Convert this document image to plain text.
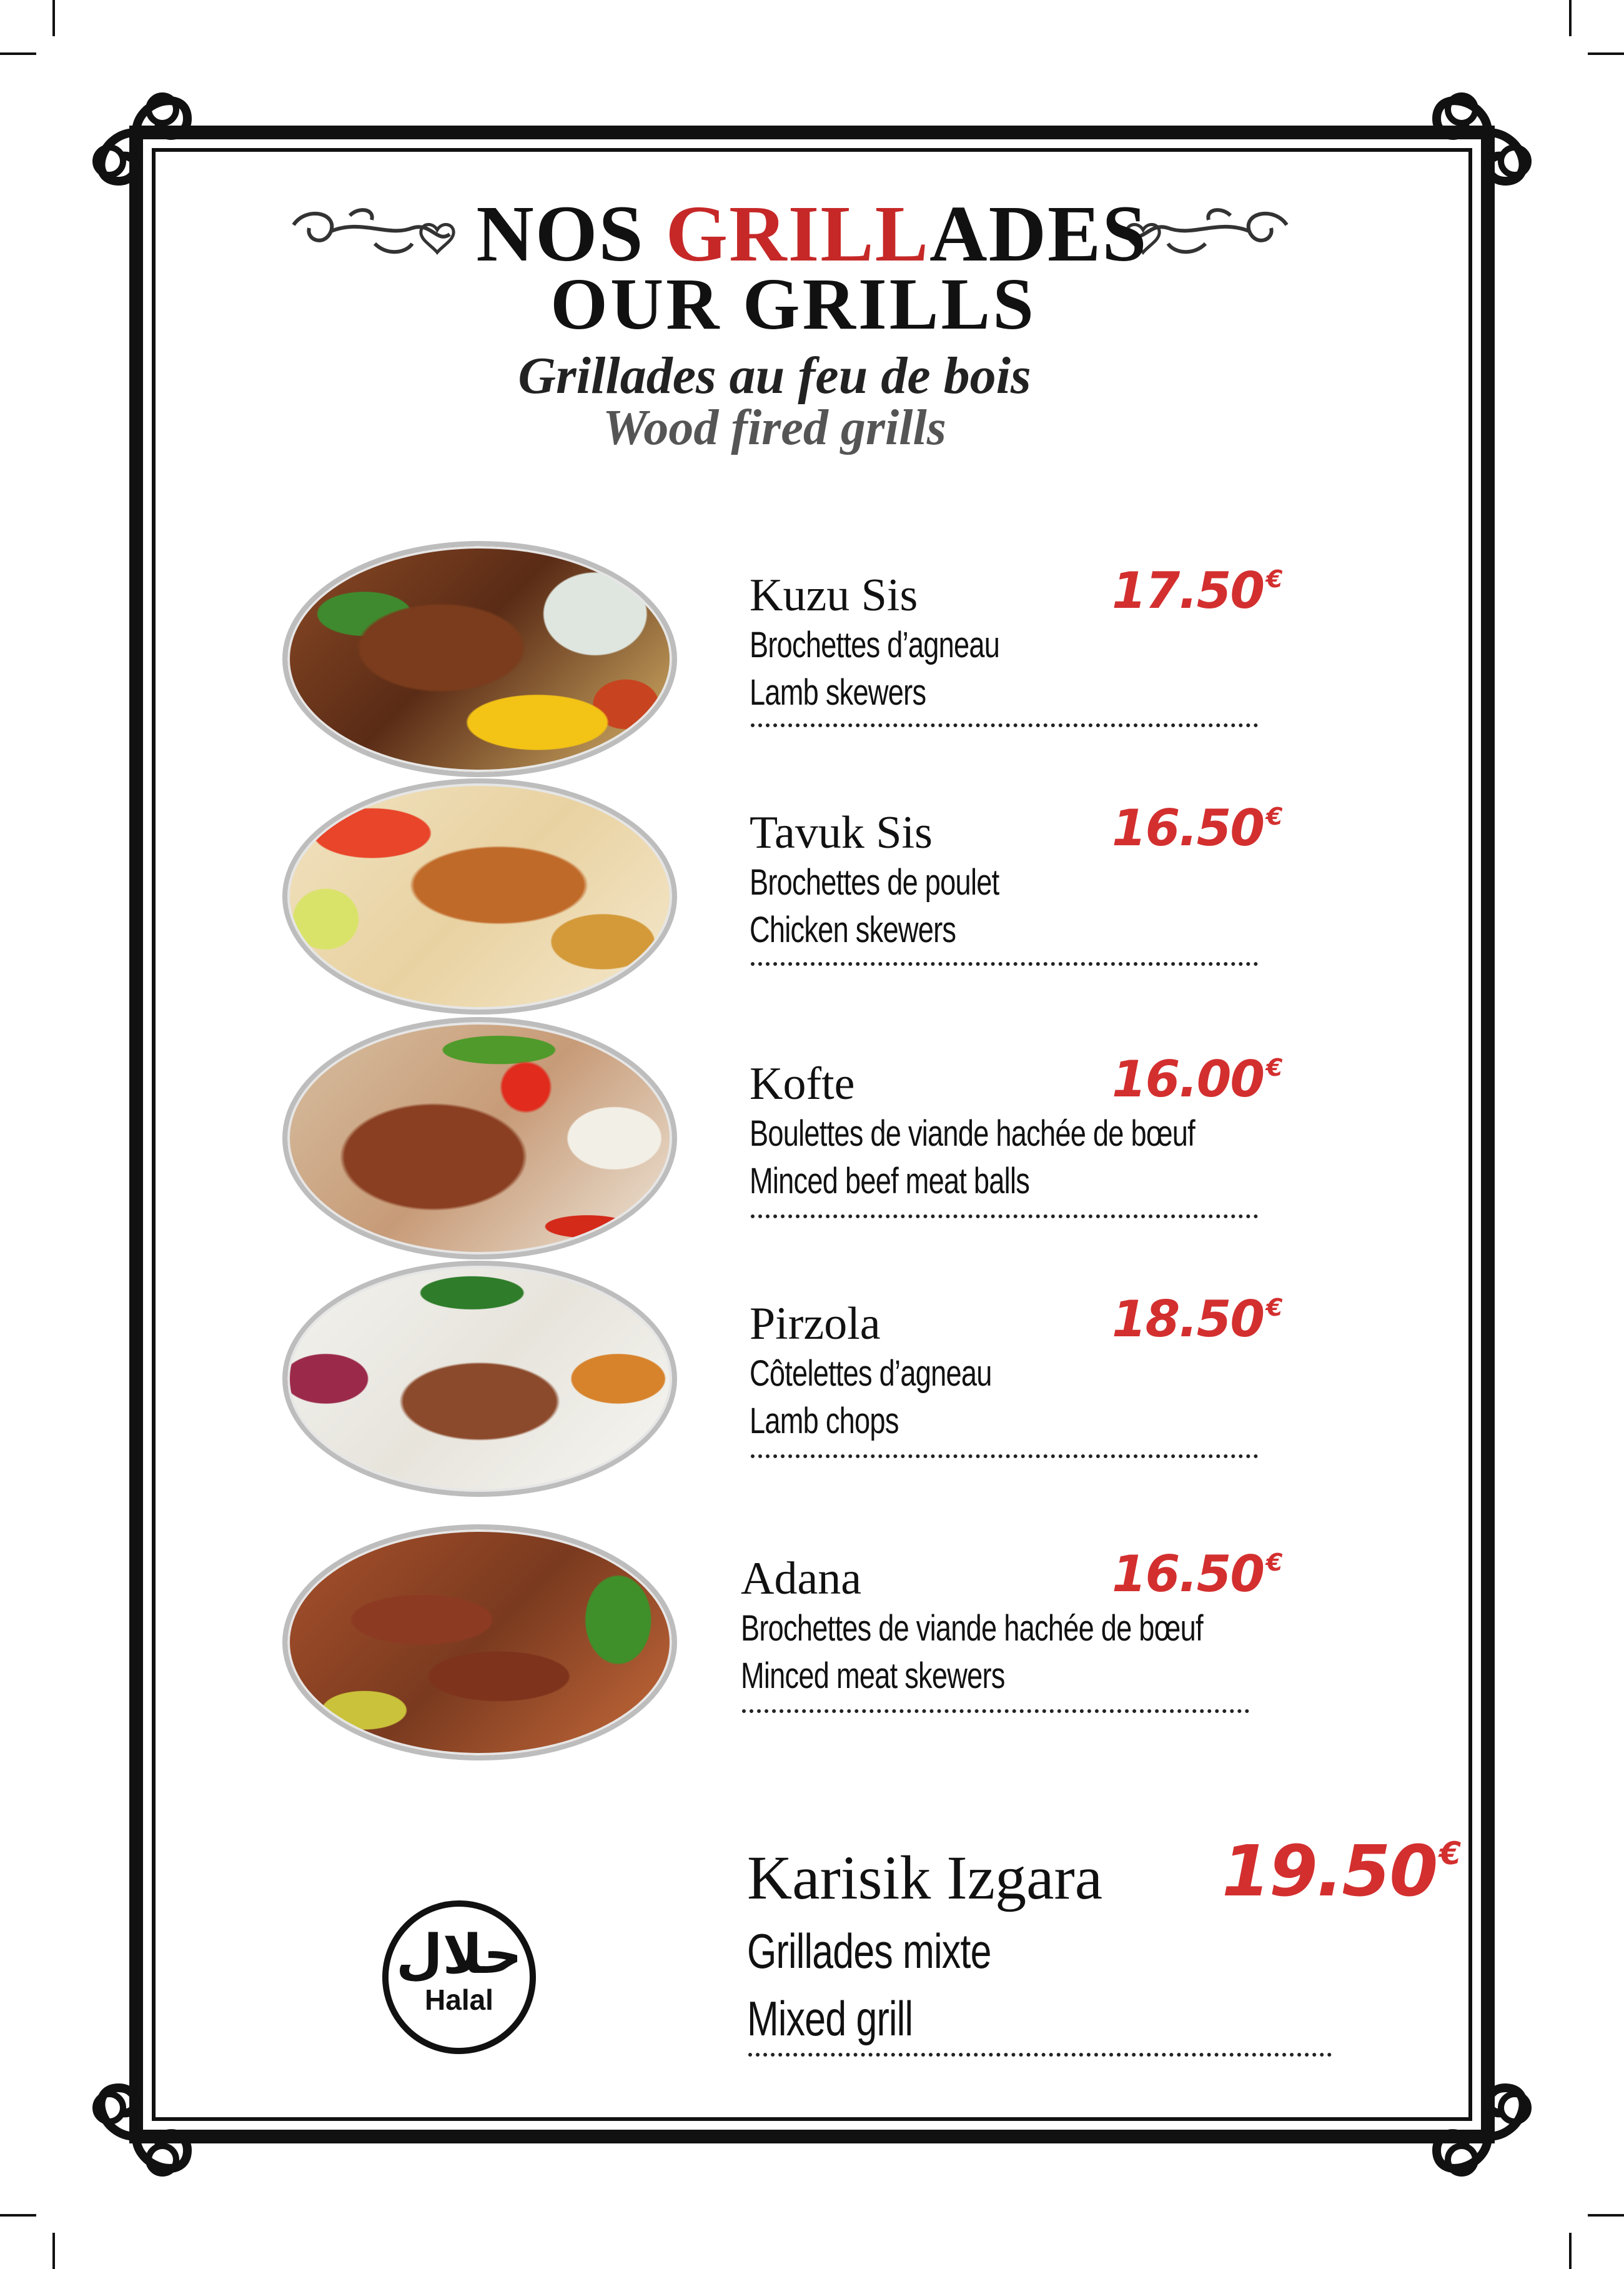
NOS GRILLADES
OUR GRILLS
Grillades au feu de bois
Wood fired grills
Kuzu Sis	17.50 €
Brochettes d’agneau
Lamb skewers
Tavuk Sis	16.50 €
Brochettes de poulet
Chicken skewers
Kofte	16.00 €
Boulettes de viande hachée de bœuf
Minced beef meat balls
Pirzola	18.50 €
Côtelettes d’agneau
Lamb chops
Adana	16.50 €
Brochettes de viande hachée de bœuf
Minced meat skewers
Karisik Izgara	19.50€
Grillades mixte
Mixed grill
حلال
Halal
